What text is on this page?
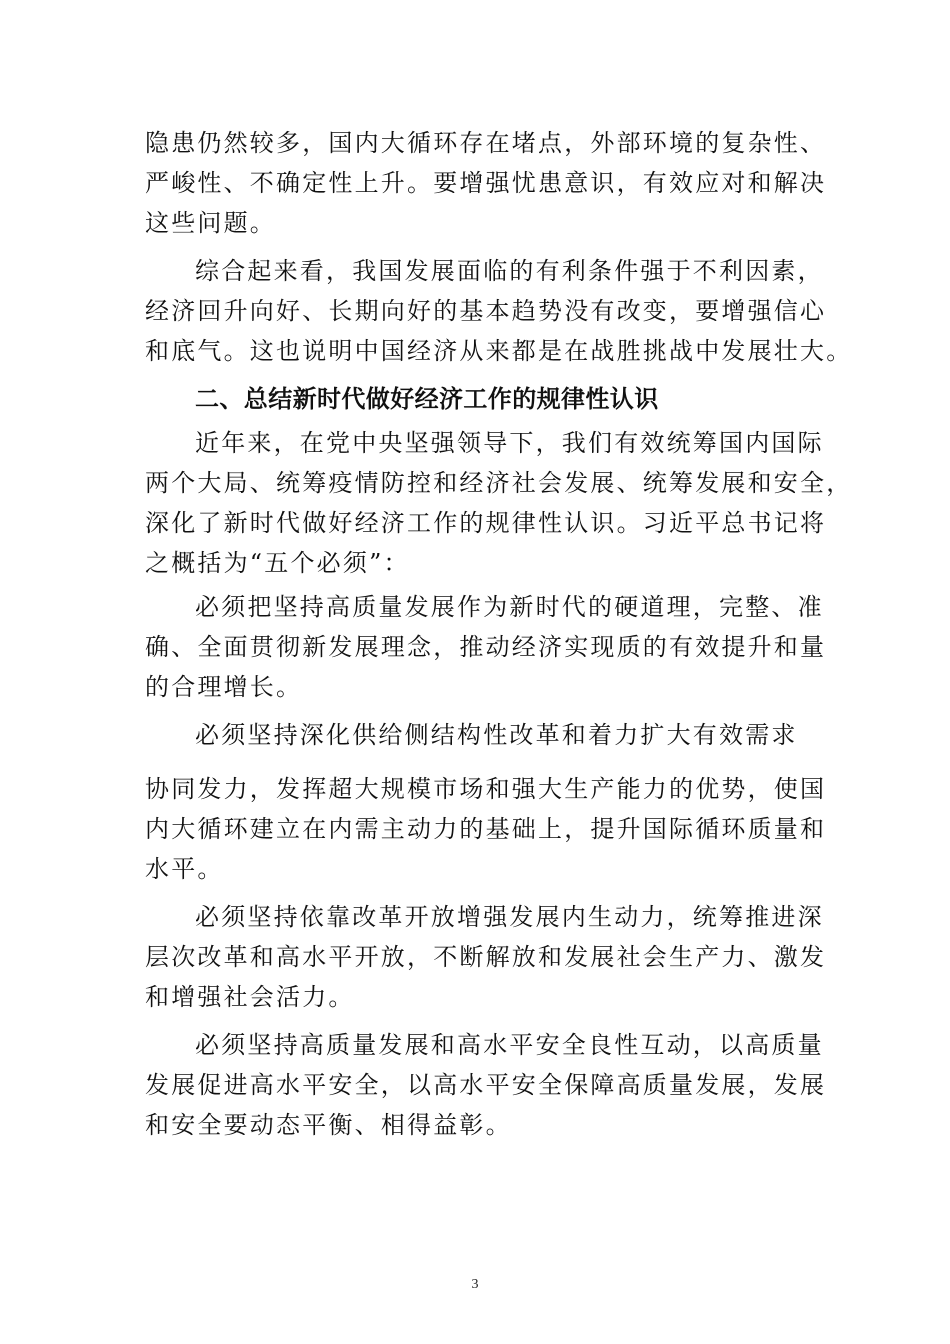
隐患仍然较多，国内大循环存在堵点，外部环境的复杂性、
严峻性、不确定性上升。要增强忧患意识，有效应对和解决
这些问题。
综合起来看，我国发展面临的有利条件强于不利因素，
经济回升向好、长期向好的基本趋势没有改变，要增强信心
和底气。这也说明中国经济从来都是在战胜挑战中发展壮大。
二、总结新时代做好经济工作的规律性认识
近年来，在党中央坚强领导下，我们有效统筹国内国际
两个大局、统筹疫情防控和经济社会发展、统筹发展和安全，
深化了新时代做好经济工作的规律性认识。习近平总书记将
之概括为“五个必须”：
必须把坚持高质量发展作为新时代的硬道理，完整、准
确、全面贯彻新发展理念，推动经济实现质的有效提升和量
的合理增长。
必须坚持深化供给侧结构性改革和着力扩大有效需求
协同发力，发挥超大规模市场和强大生产能力的优势，使国
内大循环建立在内需主动力的基础上，提升国际循环质量和
水平。
必须坚持依靠改革开放增强发展内生动力，统筹推进深
层次改革和高水平开放，不断解放和发展社会生产力、激发
和增强社会活力。
必须坚持高质量发展和高水平安全良性互动，以高质量
发展促进高水平安全，以高水平安全保障高质量发展，发展
和安全要动态平衡、相得益彰。
3
